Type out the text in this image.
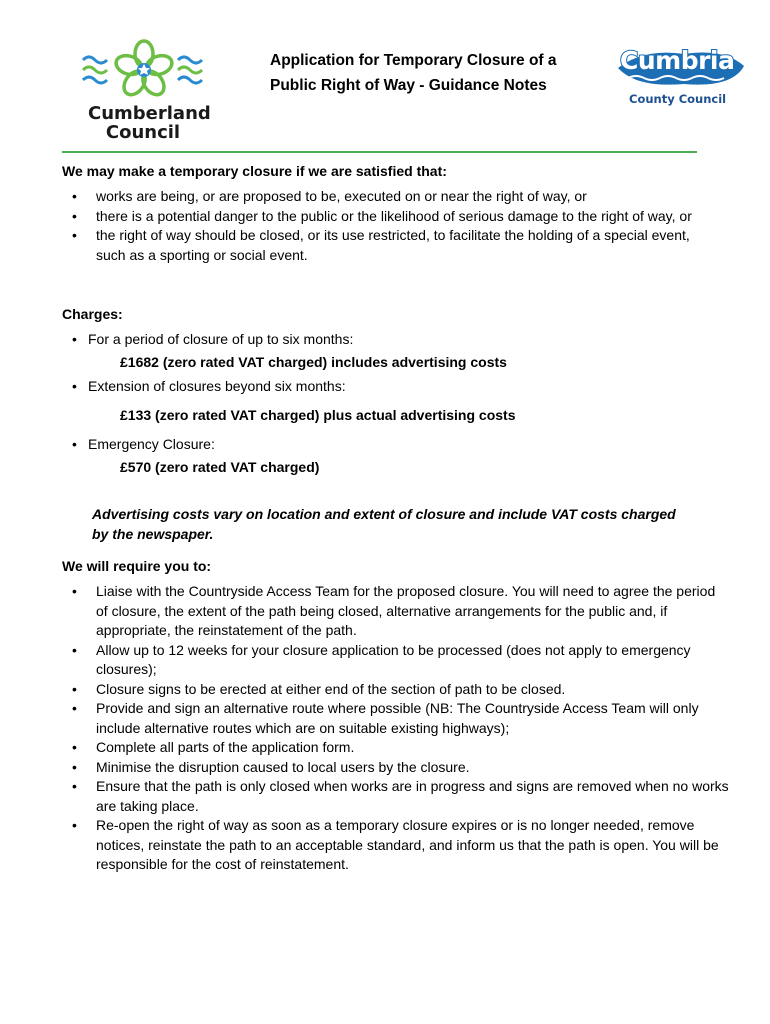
Cumberland
Council
Application for Temporary Closure of a
Public Right of Way - Guidance Notes
Cumbria
County Council
We may make a temporary closure if we are satisfied that:
• works are being, or are proposed to be, executed on or near the right of way, or
• there is a potential danger to the public or the likelihood of serious damage to the right of way, or
• the right of way should be closed, or its use restricted, to facilitate the holding of a special event, such as a sporting or social event.
Charges:
• For a period of closure of up to six months:
£1682 (zero rated VAT charged) includes advertising costs
• Extension of closures beyond six months:
£133 (zero rated VAT charged) plus actual advertising costs
• Emergency Closure:
£570 (zero rated VAT charged)
Advertising costs vary on location and extent of closure and include VAT costs charged by the newspaper.
We will require you to:
• Liaise with the Countryside Access Team for the proposed closure. You will need to agree the period of closure, the extent of the path being closed, alternative arrangements for the public and, if appropriate, the reinstatement of the path.
• Allow up to 12 weeks for your closure application to be processed (does not apply to emergency closures);
• Closure signs to be erected at either end of the section of path to be closed.
• Provide and sign an alternative route where possible (NB: The Countryside Access Team will only include alternative routes which are on suitable existing highways);
• Complete all parts of the application form.
• Minimise the disruption caused to local users by the closure.
• Ensure that the path is only closed when works are in progress and signs are removed when no works are taking place.
• Re-open the right of way as soon as a temporary closure expires or is no longer needed, remove notices, reinstate the path to an acceptable standard, and inform us that the path is open. You will be responsible for the cost of reinstatement.
